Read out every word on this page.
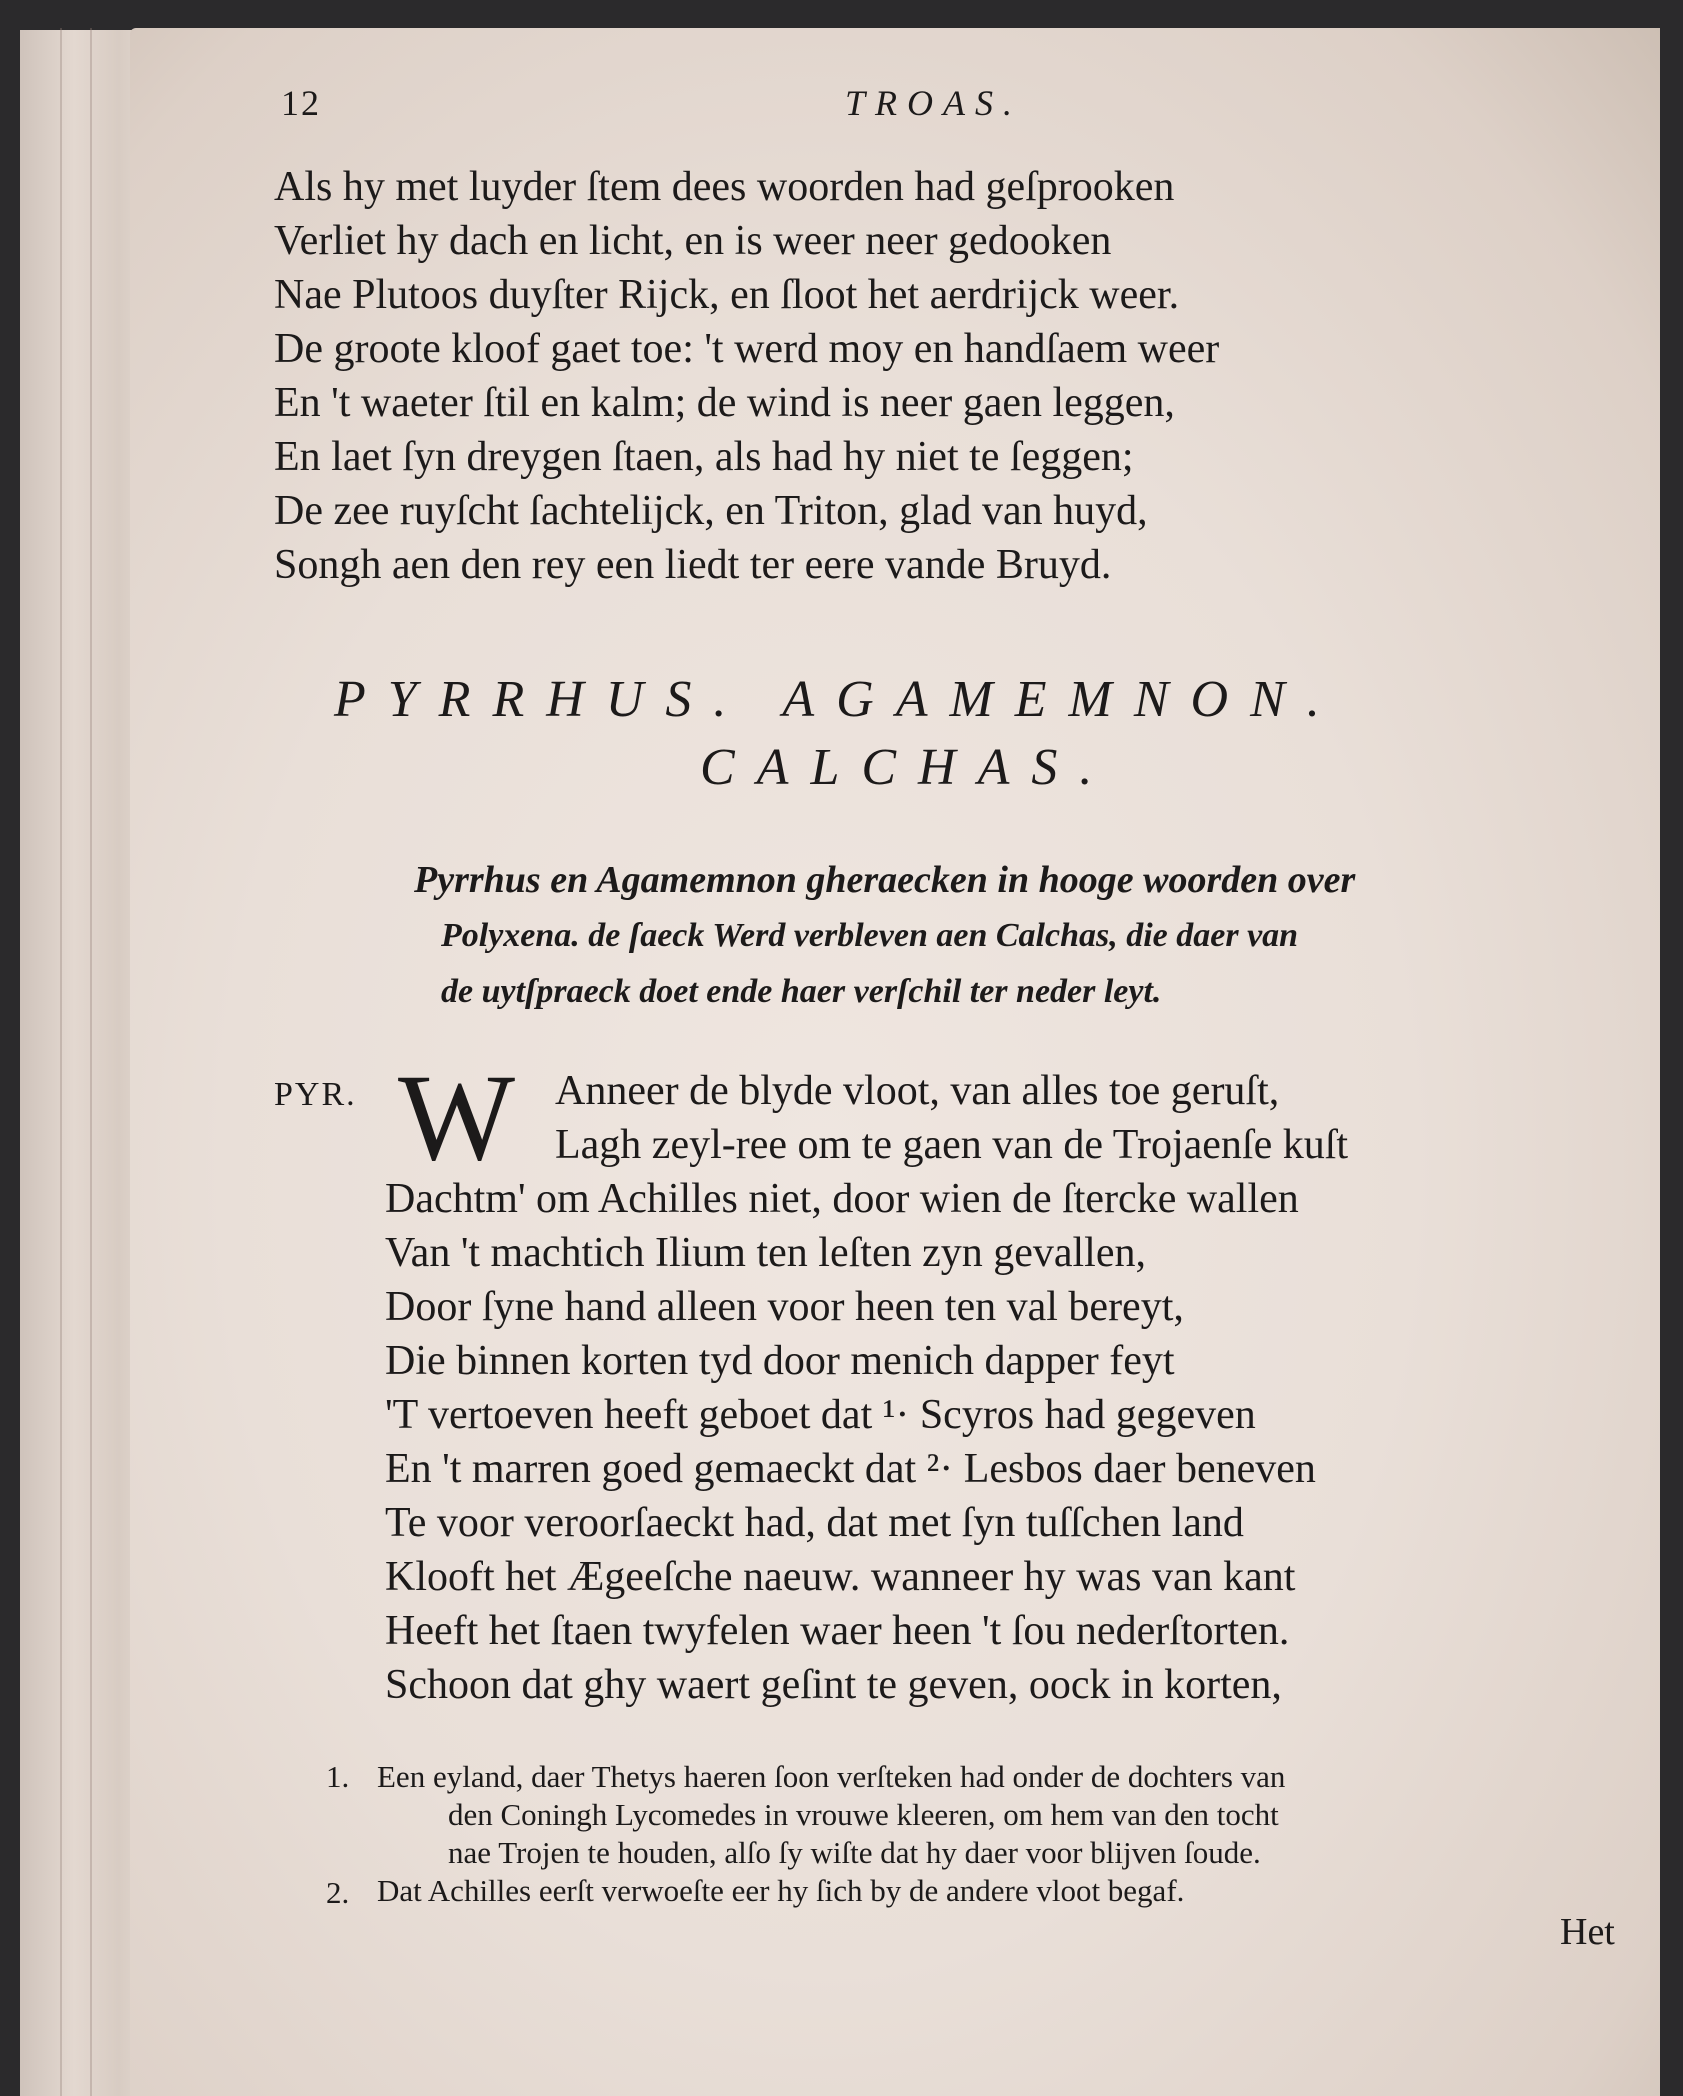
12	TROAS.
Als hy met luyder ſtem dees woorden had geſprooken
Verliet hy dach en licht, en is weer neer gedooken
Nae Plutoos duyſter Rijck, en ſloot het aerdrijck weer.
De groote kloof gaet toe: 't werd moy en handſaem weer
En 't waeter ſtil en kalm; de wind is neer gaen leggen,
En laet ſyn dreygen ſtaen, als had hy niet te ſeggen;
De zee ruyſcht ſachtelijck, en Triton, glad van huyd,
Songh aen den rey een liedt ter eere vande Bruyd.
PYRRHUS. AGAMEMNON.
CALCHAS.
Pyrrhus en Agamemnon gheraecken in hooge woorden over
Polyxena. de ſaeck Werd verbleven aen Calchas, die daer van
de uytſpraeck doet ende haer verſchil ter neder leyt.
PYR. W Anneer de blyde vloot, van alles toe geruſt,
Lagh zeyl-ree om te gaen van de Trojaenſe kuſt
Dachtm' om Achilles niet, door wien de ſtercke wallen
Van 't machtich Ilium ten leſten zyn gevallen,
Door ſyne hand alleen voor heen ten val bereyt,
Die binnen korten tyd door menich dapper feyt
'T vertoeven heeft geboet dat ¹· Scyros had gegeven
En 't marren goed gemaeckt dat ²· Lesbos daer beneven
Te voor veroorſaeckt had, dat met ſyn tuſſchen land
Klooft het Ægeeſche naeuw. wanneer hy was van kant
Heeft het ſtaen twyfelen waer heen 't ſou nederſtorten.
Schoon dat ghy waert geſint te geven, oock in korten,
1. Een eyland, daer Thetys haeren ſoon verſteken had onder de dochters van
den Coningh Lycomedes in vrouwe kleeren, om hem van den tocht
nae Trojen te houden, alſo ſy wiſte dat hy daer voor blijven ſoude.
2. Dat Achilles eerſt verwoeſte eer hy ſich by de andere vloot begaf.
Het
